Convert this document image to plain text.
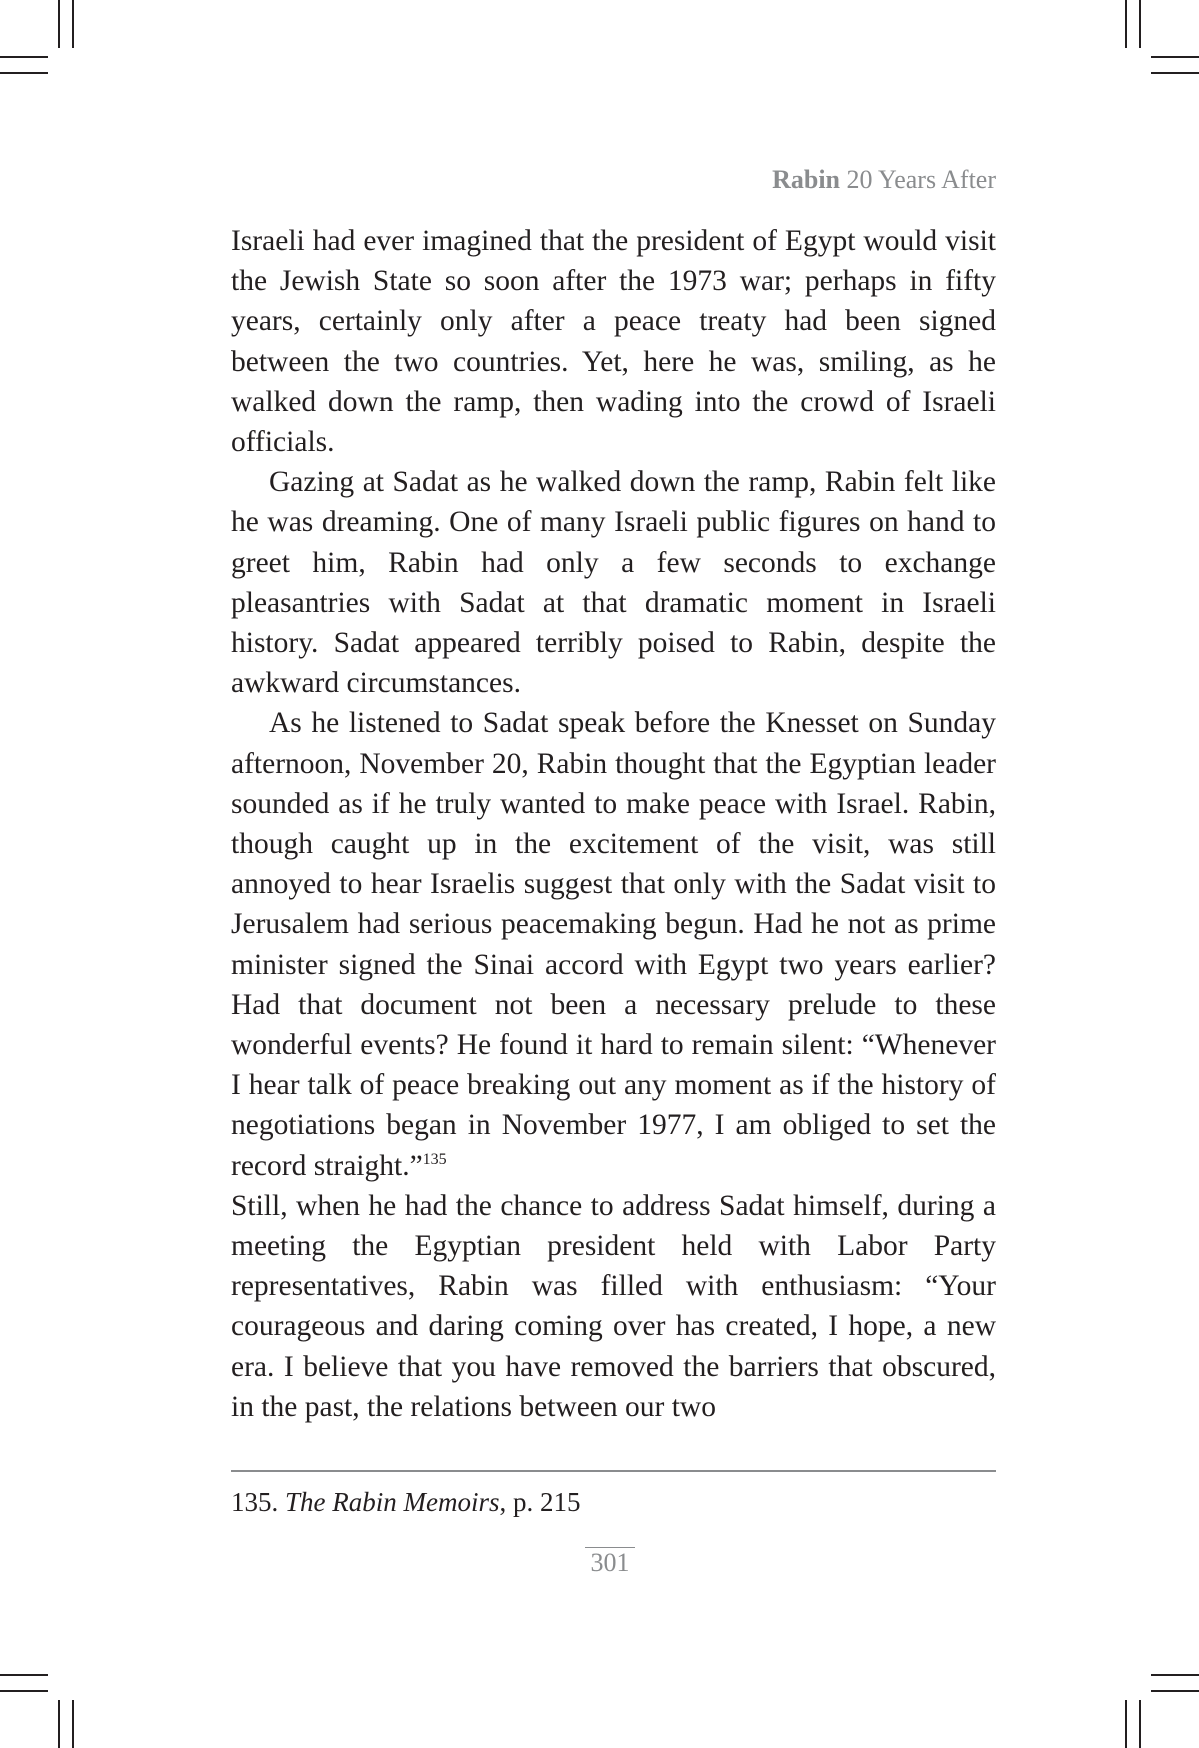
Rabin 20 Years After

Israeli had ever imagined that the president of Egypt would visit the Jewish State so soon after the 1973 war; perhaps in fifty years, certainly only after a peace treaty had been signed between the two countries. Yet, here he was, smiling, as he walked down the ramp, then wading into the crowd of Israeli officials.

Gazing at Sadat as he walked down the ramp, Rabin felt like he was dreaming. One of many Israeli public figures on hand to greet him, Rabin had only a few seconds to exchange pleasantries with Sadat at that dramatic moment in Israeli history. Sadat appeared terribly poised to Rabin, despite the awkward circumstances.

As he listened to Sadat speak before the Knesset on Sunday afternoon, November 20, Rabin thought that the Egyptian leader sounded as if he truly wanted to make peace with Israel. Rabin, though caught up in the excitement of the visit, was still annoyed to hear Israelis suggest that only with the Sadat visit to Jerusalem had serious peacemaking begun. Had he not as prime minister signed the Sinai accord with Egypt two years earlier? Had that document not been a necessary prelude to these wonderful events? He found it hard to remain silent: “Whenever I hear talk of peace breaking out any moment as if the history of negotiations began in November 1977, I am obliged to set the record straight.”$^{135}$

Still, when he had the chance to address Sadat himself, during a meeting the Egyptian president held with Labor Party representatives, Rabin was filled with enthusiasm: “Your courageous and daring coming over has created, I hope, a new era. I believe that you have removed the barriers that obscured, in the past, the relations between our two

135. The Rabin Memoirs, p. 215
301
